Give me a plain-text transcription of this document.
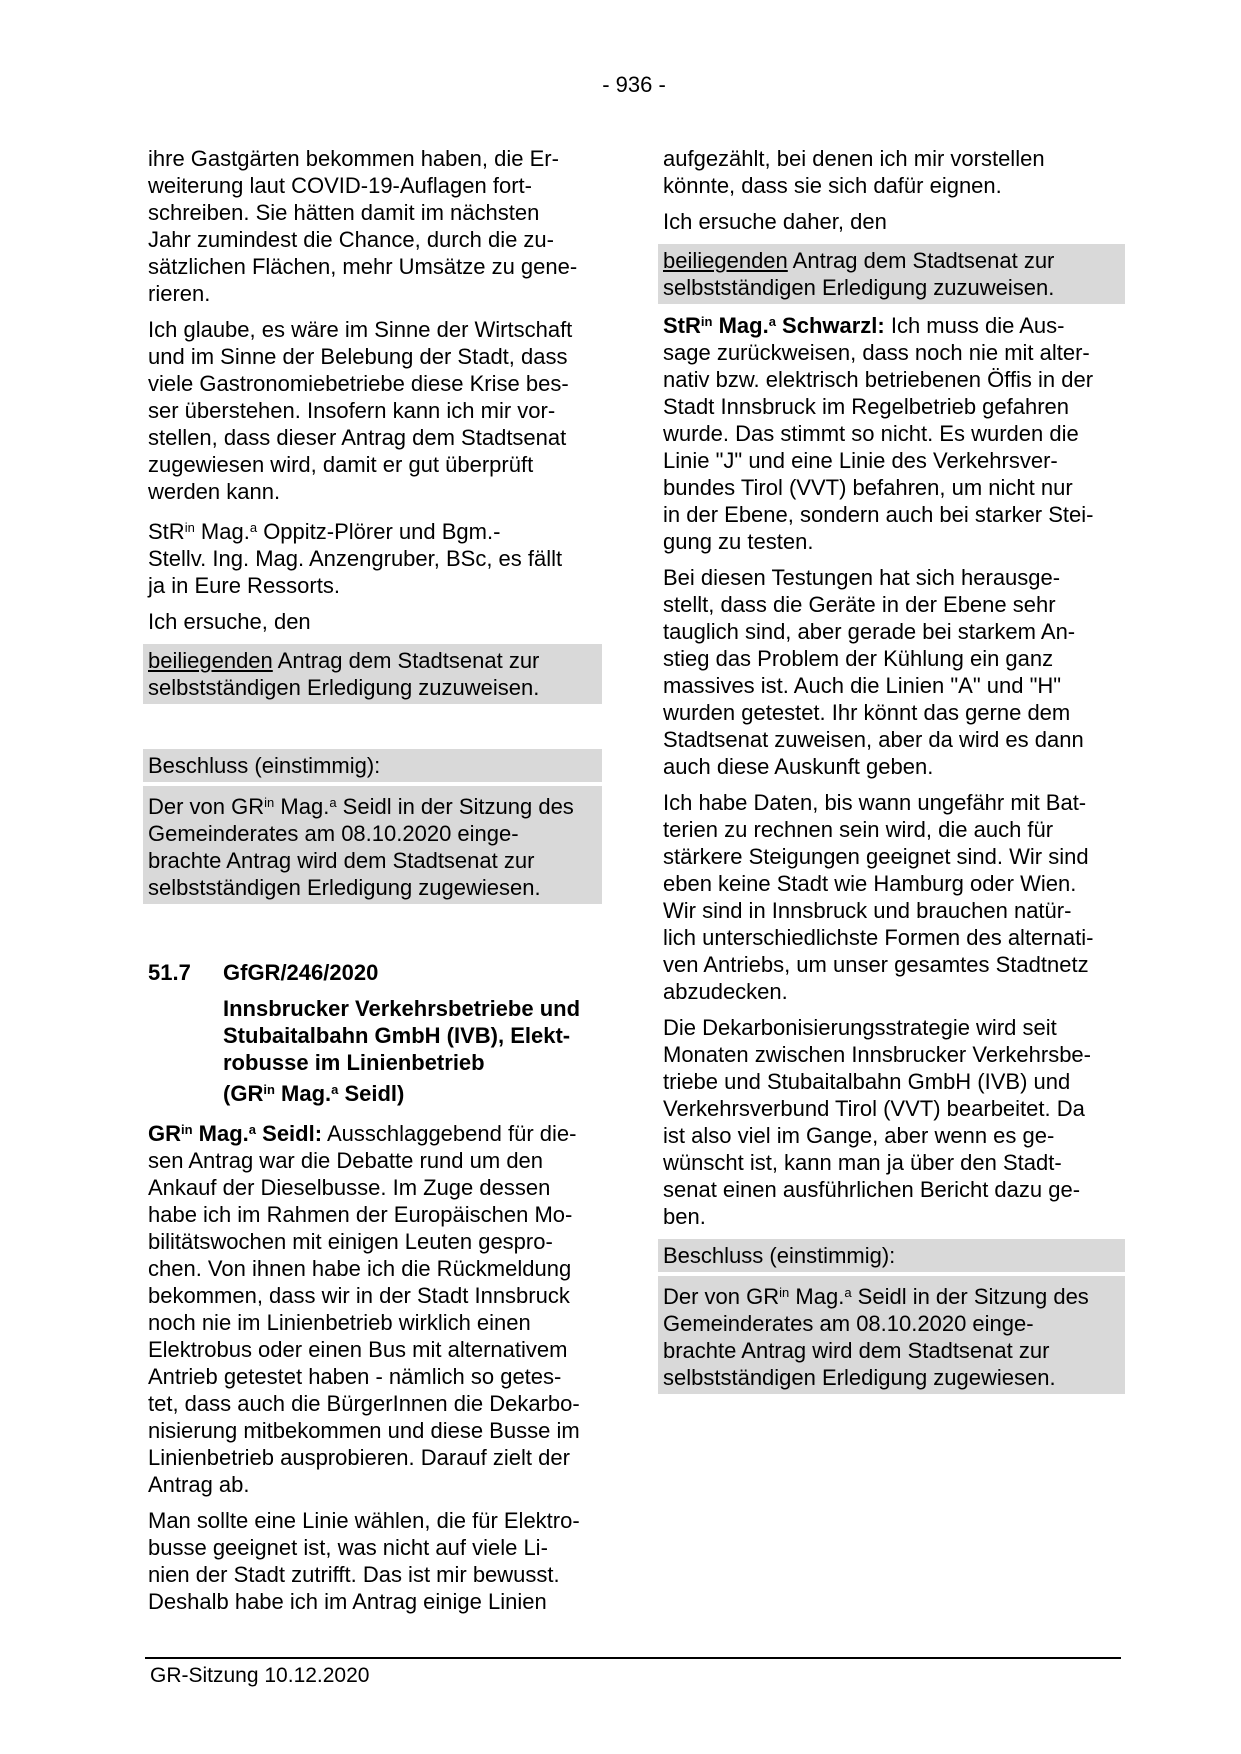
- 936 -
ihre Gastgärten bekommen haben, die Er-
weiterung laut COVID-19-Auflagen fort-
schreiben. Sie hätten damit im nächsten
Jahr zumindest die Chance, durch die zu-
sätzlichen Flächen, mehr Umsätze zu gene-
rieren.
Ich glaube, es wäre im Sinne der Wirtschaft
und im Sinne der Belebung der Stadt, dass
viele Gastronomiebetriebe diese Krise bes-
ser überstehen. Insofern kann ich mir vor-
stellen, dass dieser Antrag dem Stadtsenat
zugewiesen wird, damit er gut überprüft
werden kann.
StR$^{in}$ Mag.$^a$ Oppitz-Plörer und Bgm.-
Stellv. Ing. Mag. Anzengruber, BSc, es fällt
ja in Eure Ressorts.
Ich ersuche, den
beiliegenden Antrag dem Stadtsenat zur
selbstständigen Erledigung zuzuweisen.
Beschluss (einstimmig):
Der von $GR^{in}$ Mag.$^a$ Seidl in der Sitzung des
Gemeinderates am 08.10.2020 einge-
brachte Antrag wird dem Stadtsenat zur
selbstständigen Erledigung zugewiesen.
51.7	GfGR/246/2020
Innsbrucker Verkehrsbetriebe und
Stubaitalbahn GmbH (IVB), Elekt-
robusse im Linienbetrieb
($GR^{in}$ Mag.$^a$ Seidl)
$GR^{in}$ Mag.$^a$ Seidl: Ausschlaggebend für die-
sen Antrag war die Debatte rund um den
Ankauf der Dieselbusse. Im Zuge dessen
habe ich im Rahmen der Europäischen Mo-
bilitätswochen mit einigen Leuten gespro-
chen. Von ihnen habe ich die Rückmeldung
bekommen, dass wir in der Stadt Innsbruck
noch nie im Linienbetrieb wirklich einen
Elektrobus oder einen Bus mit alternativem
Antrieb getestet haben - nämlich so getes-
tet, dass auch die BürgerInnen die Dekarbo-
nisierung mitbekommen und diese Busse im
Linienbetrieb ausprobieren. Darauf zielt der
Antrag ab.
Man sollte eine Linie wählen, die für Elektro-
busse geeignet ist, was nicht auf viele Li-
nien der Stadt zutrifft. Das ist mir bewusst.
Deshalb habe ich im Antrag einige Linien
aufgezählt, bei denen ich mir vorstellen
könnte, dass sie sich dafür eignen.
Ich ersuche daher, den
beiliegenden Antrag dem Stadtsenat zur
selbstständigen Erledigung zuzuweisen.
StR$^{in}$ Mag.$^a$ Schwarzl: Ich muss die Aus-
sage zurückweisen, dass noch nie mit alter-
nativ bzw. elektrisch betriebenen Öffis in der
Stadt Innsbruck im Regelbetrieb gefahren
wurde. Das stimmt so nicht. Es wurden die
Linie "J" und eine Linie des Verkehrsver-
bundes Tirol (VVT) befahren, um nicht nur
in der Ebene, sondern auch bei starker Stei-
gung zu testen.
Bei diesen Testungen hat sich herausge-
stellt, dass die Geräte in der Ebene sehr
tauglich sind, aber gerade bei starkem An-
stieg das Problem der Kühlung ein ganz
massives ist. Auch die Linien "A" und "H"
wurden getestet. Ihr könnt das gerne dem
Stadtsenat zuweisen, aber da wird es dann
auch diese Auskunft geben.
Ich habe Daten, bis wann ungefähr mit Bat-
terien zu rechnen sein wird, die auch für
stärkere Steigungen geeignet sind. Wir sind
eben keine Stadt wie Hamburg oder Wien.
Wir sind in Innsbruck und brauchen natür-
lich unterschiedlichste Formen des alternati-
ven Antriebs, um unser gesamtes Stadtnetz
abzudecken.
Die Dekarbonisierungsstrategie wird seit
Monaten zwischen Innsbrucker Verkehrsbe-
triebe und Stubaitalbahn GmbH (IVB) und
Verkehrsverbund Tirol (VVT) bearbeitet. Da
ist also viel im Gange, aber wenn es ge-
wünscht ist, kann man ja über den Stadt-
senat einen ausführlichen Bericht dazu ge-
ben.
Beschluss (einstimmig):
Der von $GR^{in}$ Mag.$^a$ Seidl in der Sitzung des
Gemeinderates am 08.10.2020 einge-
brachte Antrag wird dem Stadtsenat zur
selbstständigen Erledigung zugewiesen.
GR-Sitzung 10.12.2020
